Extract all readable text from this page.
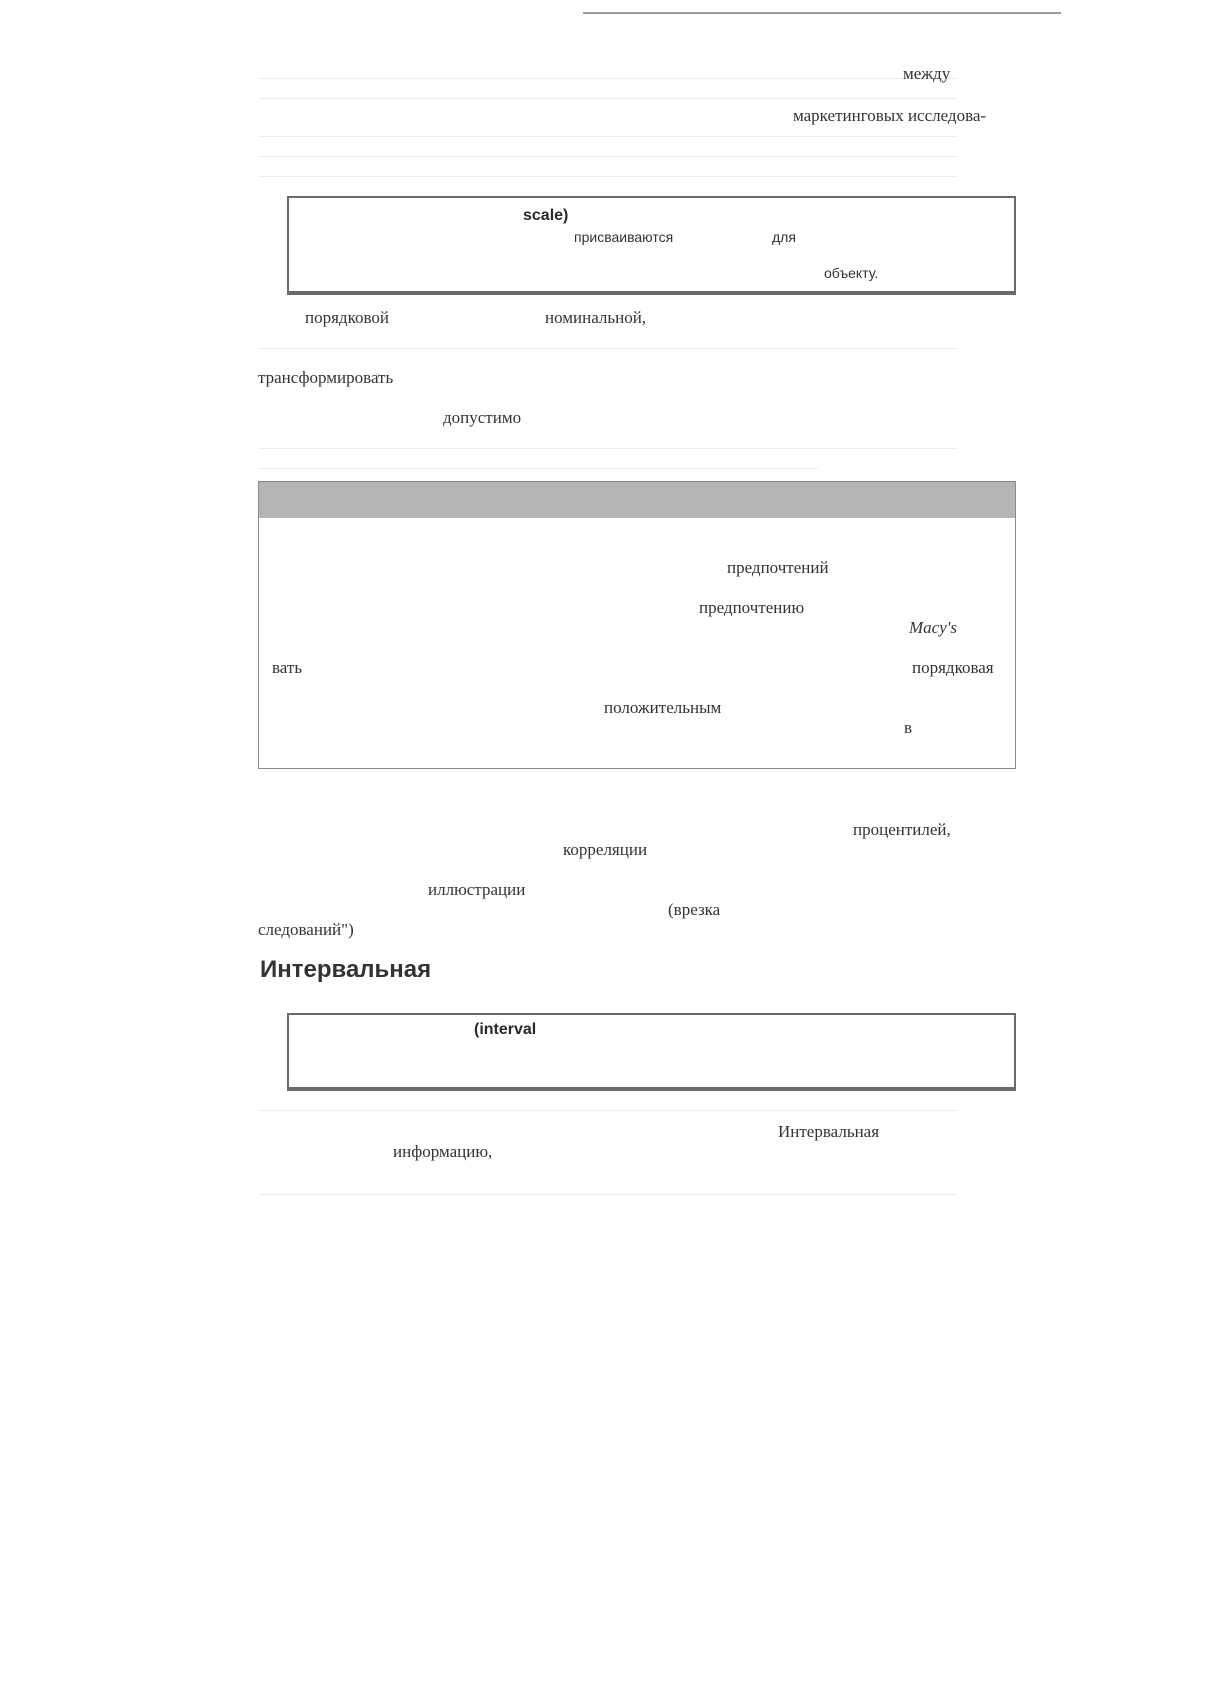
между
маркетинговых исследова-
scale)
присваиваются	для
объекту.
порядковой	номинальной,
трансформировать
допустимо
предпочтений
предпочтению
Macy's
вать	порядковая
положительным
в
процентилей,
корреляции
иллюстрации
(врезка
следований")
Интервальная
(interval
Интервальная
информацию,
